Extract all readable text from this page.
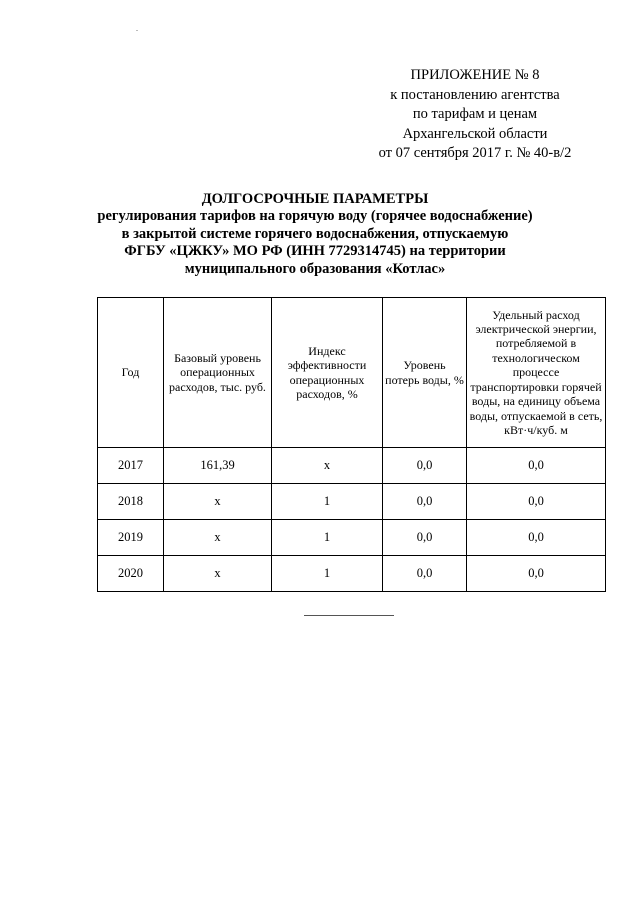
ПРИЛОЖЕНИЕ № 8
к постановлению агентства
по тарифам и ценам
Архангельской области
от 07 сентября 2017 г. № 40-в/2
ДОЛГОСРОЧНЫЕ ПАРАМЕТРЫ
регулирования тарифов на горячую воду (горячее водоснабжение)
в закрытой системе горячего водоснабжения, отпускаемую
ФГБУ «ЦЖКУ» МО РФ (ИНН 7729314745) на территории
муниципального образования «Котлас»
Год	Базовый уровень операционных расходов, тыс. руб.	Индекс эффективности операционных расходов, %	Уровень потерь воды, %	Удельный расход электрической энергии, потребляемой в технологическом процессе транспортировки горячей воды, на единицу объема воды, отпускаемой в сеть, кВт·ч/куб. м
2017	161,39	х	0,0	0,0
2018	х	1	0,0	0,0
2019	х	1	0,0	0,0
2020	х	1	0,0	0,0
